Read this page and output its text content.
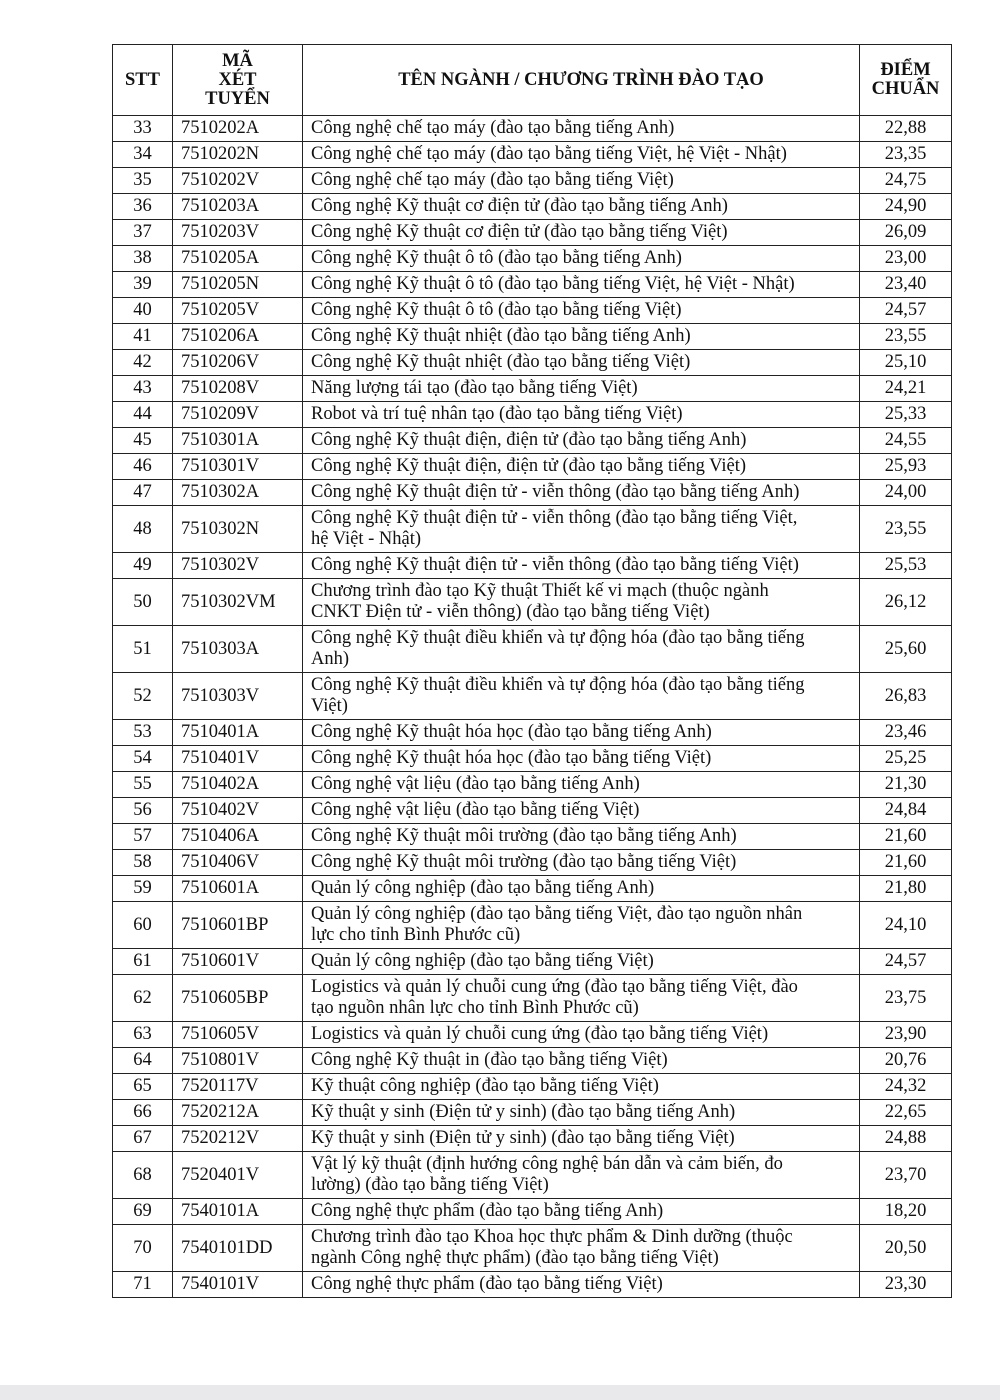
STT	MÃ
XÉT
TUYỂN	TÊN NGÀNH / CHƯƠNG TRÌNH ĐÀO TẠO	ĐIỂM
CHUẨN

33	7510202A	Công nghệ chế tạo máy (đào tạo bằng tiếng Anh)	22,88
34	7510202N	Công nghệ chế tạo máy (đào tạo bằng tiếng Việt, hệ Việt - Nhật)	23,35
35	7510202V	Công nghệ chế tạo máy (đào tạo bằng tiếng Việt)	24,75
36	7510203A	Công nghệ Kỹ thuật cơ điện tử (đào tạo bằng tiếng Anh)	24,90
37	7510203V	Công nghệ Kỹ thuật cơ điện tử (đào tạo bằng tiếng Việt)	26,09
38	7510205A	Công nghệ Kỹ thuật ô tô (đào tạo bằng tiếng Anh)	23,00
39	7510205N	Công nghệ Kỹ thuật ô tô (đào tạo bằng tiếng Việt, hệ Việt - Nhật)	23,40
40	7510205V	Công nghệ Kỹ thuật ô tô (đào tạo bằng tiếng Việt)	24,57
41	7510206A	Công nghệ Kỹ thuật nhiệt (đào tạo bằng tiếng Anh)	23,55
42	7510206V	Công nghệ Kỹ thuật nhiệt (đào tạo bằng tiếng Việt)	25,10
43	7510208V	Năng lượng tái tạo (đào tạo bằng tiếng Việt)	24,21
44	7510209V	Robot và trí tuệ nhân tạo (đào tạo bằng tiếng Việt)	25,33
45	7510301A	Công nghệ Kỹ thuật điện, điện tử (đào tạo bằng tiếng Anh)	24,55
46	7510301V	Công nghệ Kỹ thuật điện, điện tử (đào tạo bằng tiếng Việt)	25,93
47	7510302A	Công nghệ Kỹ thuật điện tử - viễn thông (đào tạo bằng tiếng Anh)	24,00
48	7510302N	Công nghệ Kỹ thuật điện tử - viễn thông (đào tạo bằng tiếng Việt,
hệ Việt - Nhật)	23,55
49	7510302V	Công nghệ Kỹ thuật điện tử - viễn thông (đào tạo bằng tiếng Việt)	25,53
50	7510302VM	Chương trình đào tạo Kỹ thuật Thiết kế vi mạch (thuộc ngành
CNKT Điện tử - viễn thông) (đào tạo bằng tiếng Việt)	26,12
51	7510303A	Công nghệ Kỹ thuật điều khiển và tự động hóa (đào tạo bằng tiếng
Anh)	25,60
52	7510303V	Công nghệ Kỹ thuật điều khiển và tự động hóa (đào tạo bằng tiếng
Việt)	26,83
53	7510401A	Công nghệ Kỹ thuật hóa học (đào tạo bằng tiếng Anh)	23,46
54	7510401V	Công nghệ Kỹ thuật hóa học (đào tạo bằng tiếng Việt)	25,25
55	7510402A	Công nghệ vật liệu (đào tạo bằng tiếng Anh)	21,30
56	7510402V	Công nghệ vật liệu (đào tạo bằng tiếng Việt)	24,84
57	7510406A	Công nghệ Kỹ thuật môi trường (đào tạo bằng tiếng Anh)	21,60
58	7510406V	Công nghệ Kỹ thuật môi trường (đào tạo bằng tiếng Việt)	21,60
59	7510601A	Quản lý công nghiệp (đào tạo bằng tiếng Anh)	21,80
60	7510601BP	Quản lý công nghiệp (đào tạo bằng tiếng Việt, đào tạo nguồn nhân
lực cho tỉnh Bình Phước cũ)	24,10
61	7510601V	Quản lý công nghiệp (đào tạo bằng tiếng Việt)	24,57
62	7510605BP	Logistics và quản lý chuỗi cung ứng (đào tạo bằng tiếng Việt, đào
tạo nguồn nhân lực cho tỉnh Bình Phước cũ)	23,75
63	7510605V	Logistics và quản lý chuỗi cung ứng (đào tạo bằng tiếng Việt)	23,90
64	7510801V	Công nghệ Kỹ thuật in (đào tạo bằng tiếng Việt)	20,76
65	7520117V	Kỹ thuật công nghiệp (đào tạo bằng tiếng Việt)	24,32
66	7520212A	Kỹ thuật y sinh (Điện tử y sinh) (đào tạo bằng tiếng Anh)	22,65
67	7520212V	Kỹ thuật y sinh (Điện tử y sinh) (đào tạo bằng tiếng Việt)	24,88
68	7520401V	Vật lý kỹ thuật (định hướng công nghệ bán dẫn và cảm biến, đo
lường) (đào tạo bằng tiếng Việt)	23,70
69	7540101A	Công nghệ thực phẩm (đào tạo bằng tiếng Anh)	18,20
70	7540101DD	Chương trình đào tạo Khoa học thực phẩm & Dinh dưỡng (thuộc
ngành Công nghệ thực phẩm) (đào tạo bằng tiếng Việt)	20,50
71	7540101V	Công nghệ thực phẩm (đào tạo bằng tiếng Việt)	23,30
